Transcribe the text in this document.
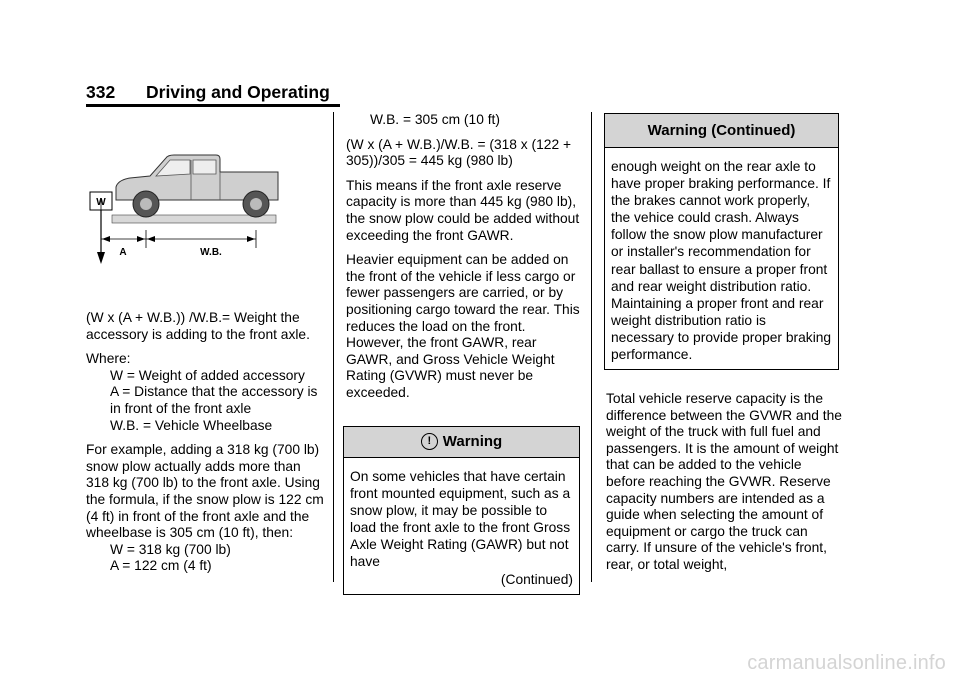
332 Driving and Operating
W
A	W.B.

(W x (A + W.B.)) /W.B.= Weight the accessory is adding to the front axle.

Where:
W = Weight of added accessory
A = Distance that the accessory is in front of the front axle

W.B. = Vehicle Wheelbase

For example, adding a 318 kg (700 lb) snow plow actually adds more than 318 kg (700 lb) to the front axle. Using the formula, if the snow plow is 122 cm (4 ft) in front of the front axle and the wheelbase is 305 cm (10 ft), then:
W = 318 kg (700 lb)
A = 122 cm (4 ft)

W.B. = 305 cm (10 ft)

(W x (A + W.B.)/W.B. = (318 x (122 + 305))/305 = 445 kg (980 lb)

This means if the front axle reserve capacity is more than 445 kg (980 lb), the snow plow could be added without exceeding the front GAWR.

Heavier equipment can be added on the front of the vehicle if less cargo or fewer passengers are carried, or by positioning cargo toward the rear. This reduces the load on the front. However, the front GAWR, rear GAWR, and Gross Vehicle Weight Rating (GVWR) must never be exceeded.

! Warning
On some vehicles that have certain front mounted equipment, such as a snow plow, it may be possible to load the front axle to the front Gross Axle Weight Rating (GAWR) but not have
(Continued)
Warning (Continued)
enough weight on the rear axle to have proper braking performance. If the brakes cannot work properly, the vehice could crash. Always follow the snow plow manufacturer or installer's recommendation for rear ballast to ensure a proper front and rear weight distribution ratio. Maintaining a proper front and rear weight distribution ratio is necessary to provide proper braking performance.

Total vehicle reserve capacity is the difference between the GVWR and the weight of the truck with full fuel and passengers. It is the amount of weight that can be added to the vehicle before reaching the GVWR. Reserve capacity numbers are intended as a guide when selecting the amount of equipment or cargo the truck can carry. If unsure of the vehicle's front, rear, or total weight,

carmanualsonline.info
